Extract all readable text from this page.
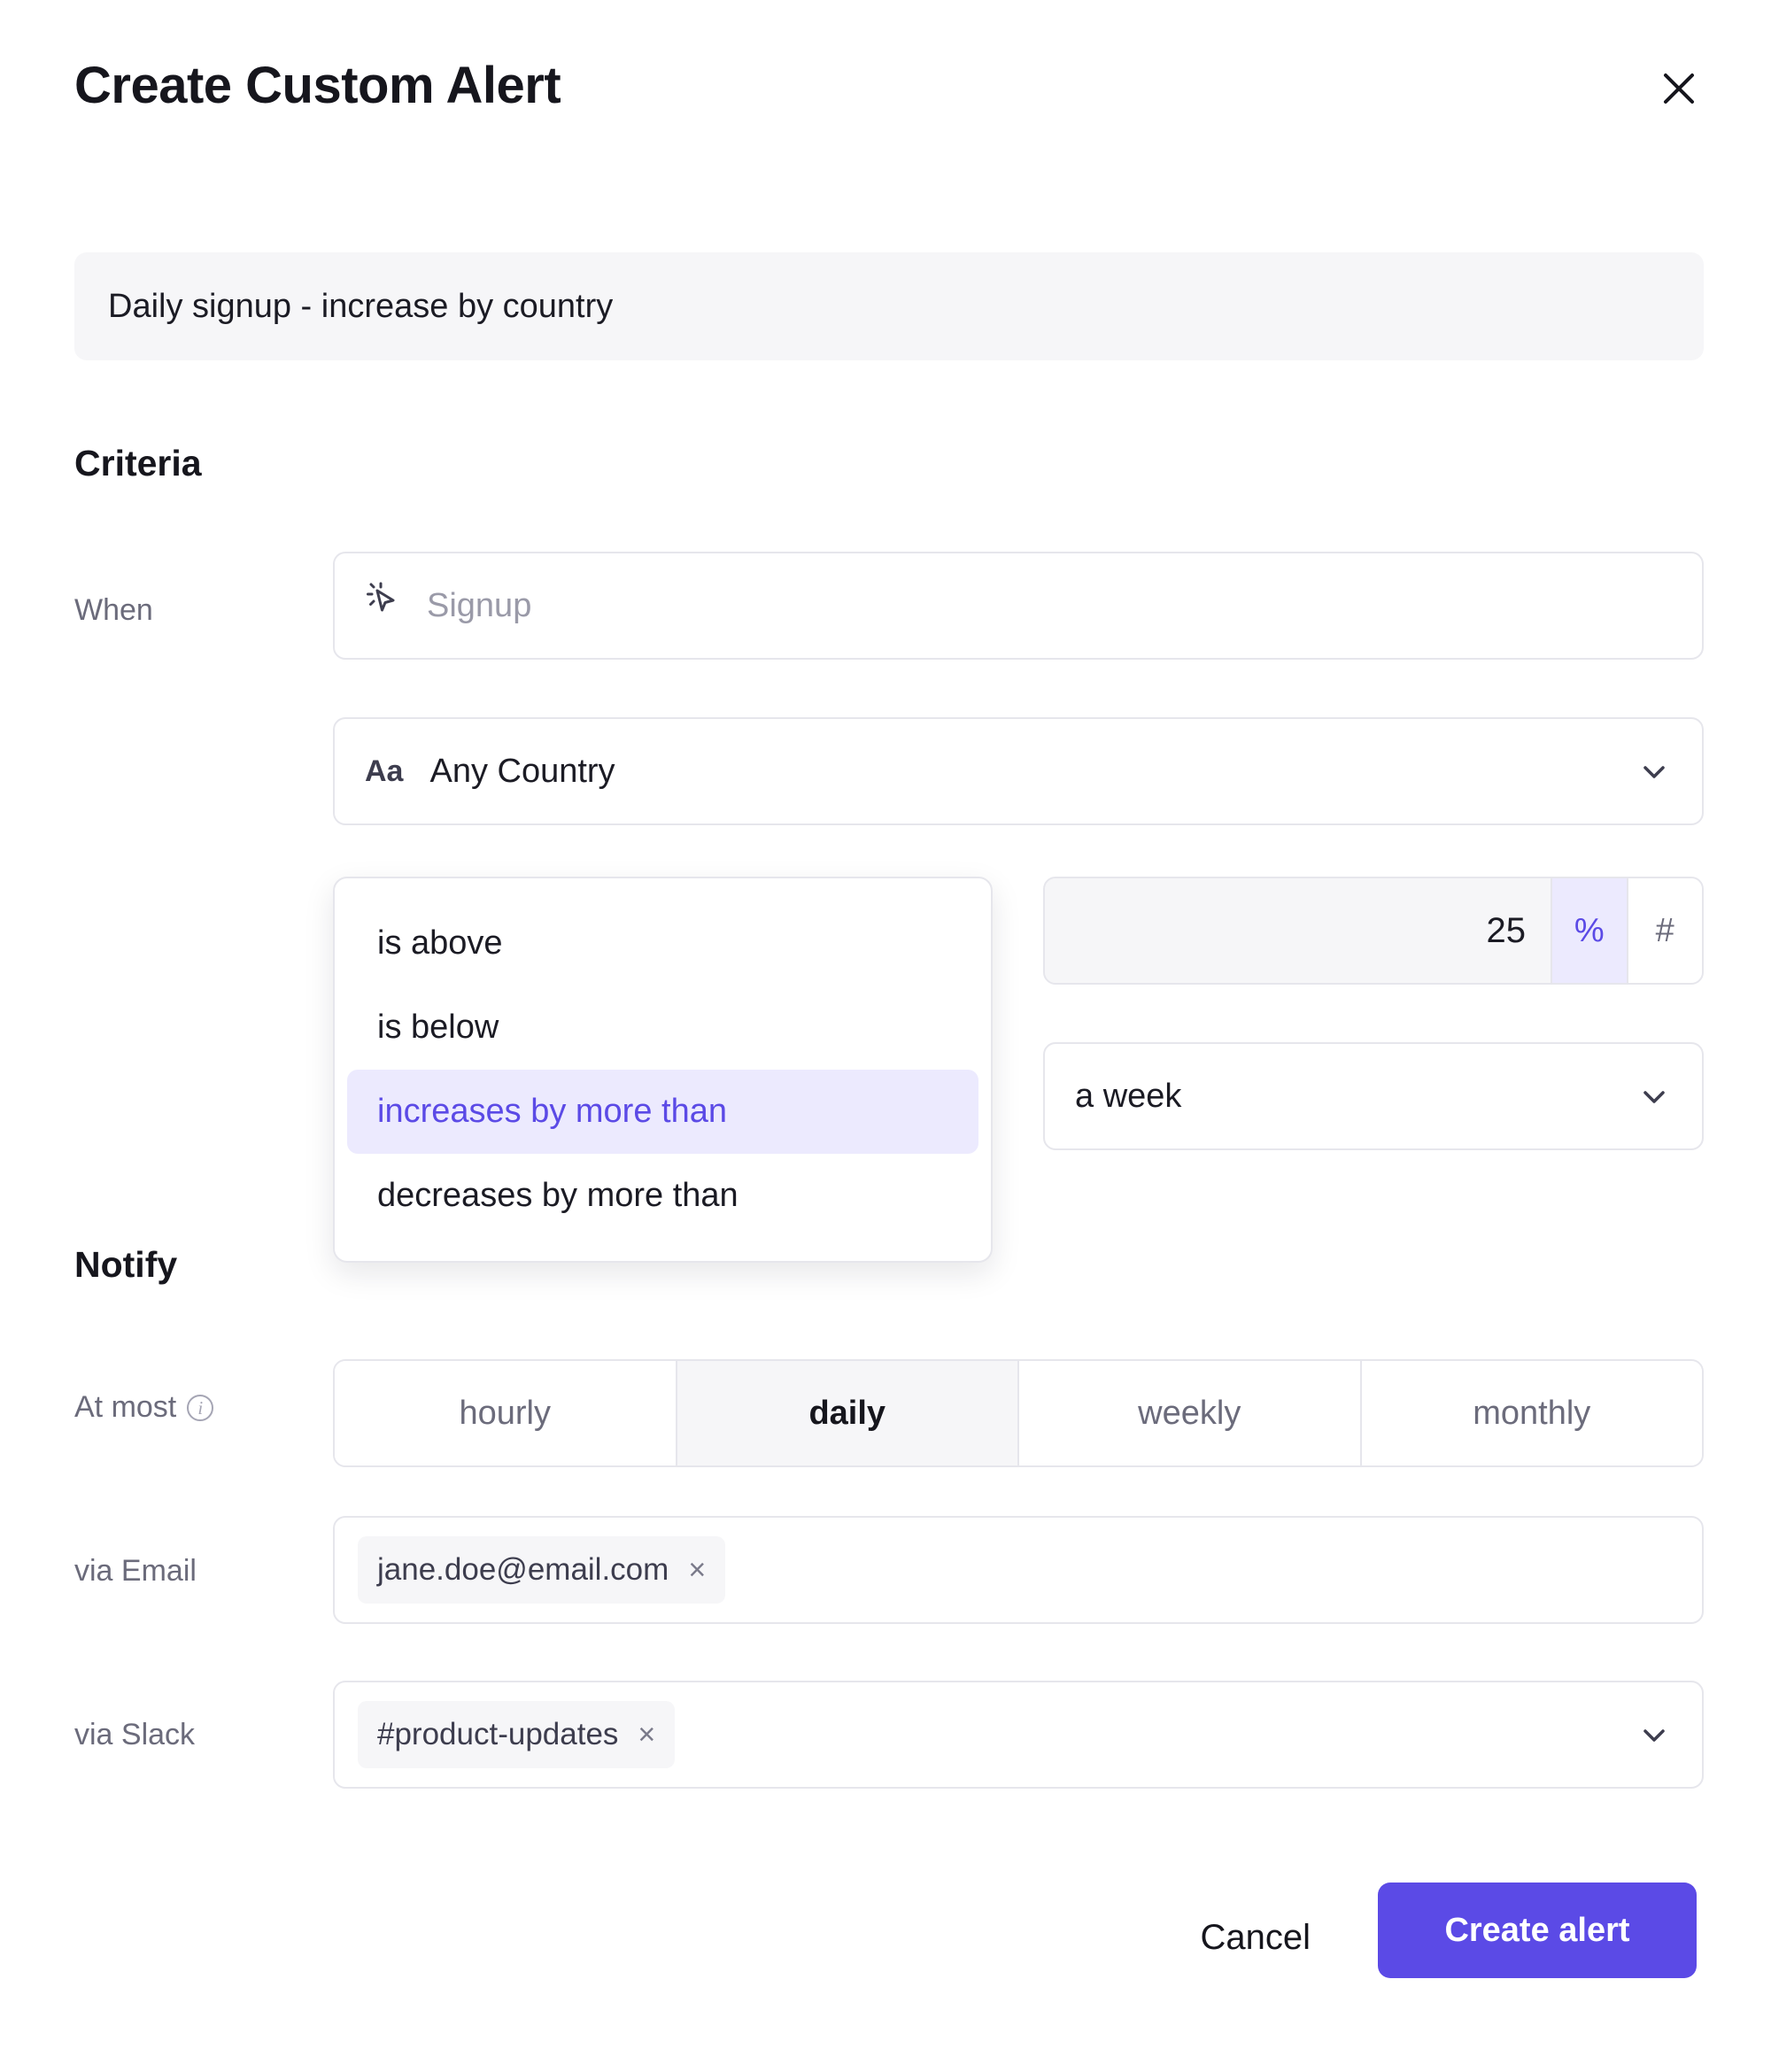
Create Custom Alert
Daily signup - increase by country
Criteria
When	Signup
Aa Any Country
is above
is below
increases by more than
decreases by more than
25
%	#
a week
Notify
At most	i	hourly	daily	weekly	monthly
via Email	jane.doe@email.com ×
via Slack	#product-updates ×
Cancel	Create alert
